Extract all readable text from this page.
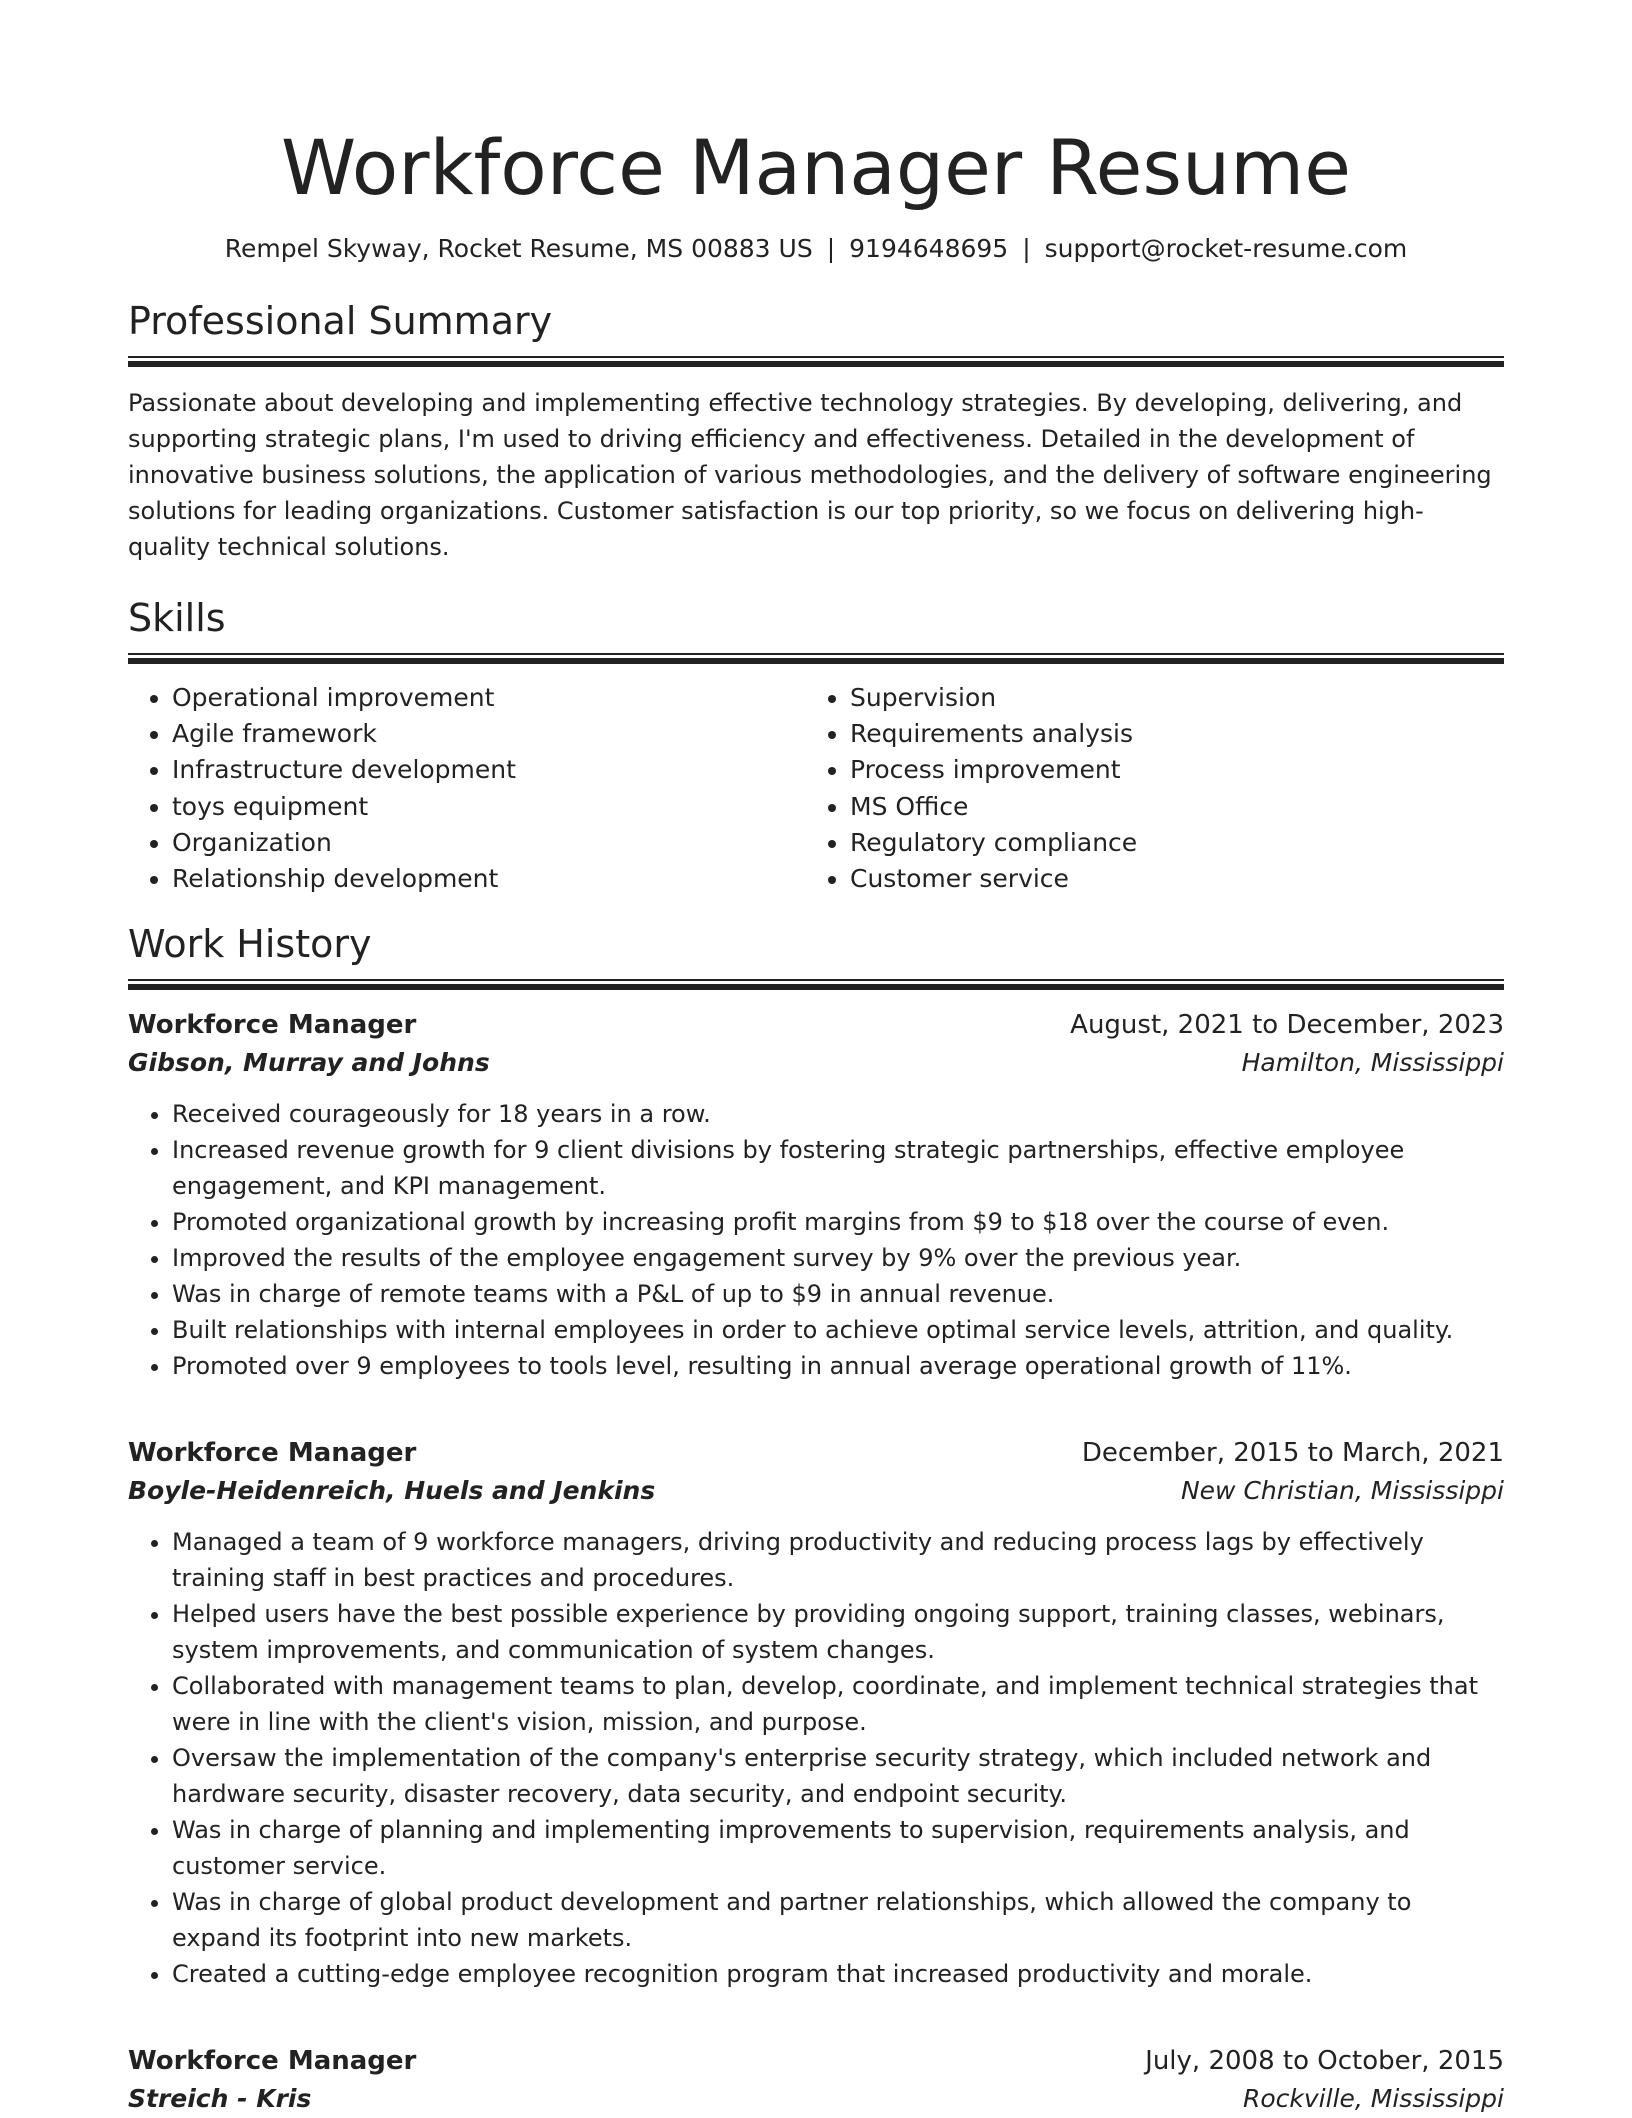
Workforce Manager Resume
Rempel Skyway, Rocket Resume, MS 00883 US | 9194648695 | support@rocket-resume.com
Professional Summary

Passionate about developing and implementing effective technology strategies. By developing, delivering, and supporting strategic plans, I'm used to driving efficiency and effectiveness. Detailed in the development of innovative business solutions, the application of various methodologies, and the delivery of software engineering solutions for leading organizations. Customer satisfaction is our top priority, so we focus on delivering high-quality technical solutions.

Skills
• Operational improvement
• Agile framework
• Infrastructure development
• toys equipment
• Organization
• Relationship development
• Supervision
• Requirements analysis
• Process improvement
• MS Office
• Regulatory compliance
• Customer service
Work History
Workforce Manager	August, 2021 to December, 2023
Gibson, Murray and Johns	Hamilton, Mississippi
• Received courageously for 18 years in a row.
• Increased revenue growth for 9 client divisions by fostering strategic partnerships, effective employee engagement, and KPI management.
• Promoted organizational growth by increasing profit margins from $9 to $18 over the course of even.
• Improved the results of the employee engagement survey by 9% over the previous year.
• Was in charge of remote teams with a P&L of up to $9 in annual revenue.
• Built relationships with internal employees in order to achieve optimal service levels, attrition, and quality.
• Promoted over 9 employees to tools level, resulting in annual average operational growth of 11%.
Workforce Manager	December, 2015 to March, 2021
Boyle-Heidenreich, Huels and Jenkins	New Christian, Mississippi
• Managed a team of 9 workforce managers, driving productivity and reducing process lags by effectively training staff in best practices and procedures.
• Helped users have the best possible experience by providing ongoing support, training classes, webinars, system improvements, and communication of system changes.
• Collaborated with management teams to plan, develop, coordinate, and implement technical strategies that were in line with the client's vision, mission, and purpose.
• Oversaw the implementation of the company's enterprise security strategy, which included network and hardware security, disaster recovery, data security, and endpoint security.
• Was in charge of planning and implementing improvements to supervision, requirements analysis, and customer service.
• Was in charge of global product development and partner relationships, which allowed the company to expand its footprint into new markets.
• Created a cutting-edge employee recognition program that increased productivity and morale.
Workforce Manager	July, 2008 to October, 2015
Streich - Kris	Rockville, Mississippi
